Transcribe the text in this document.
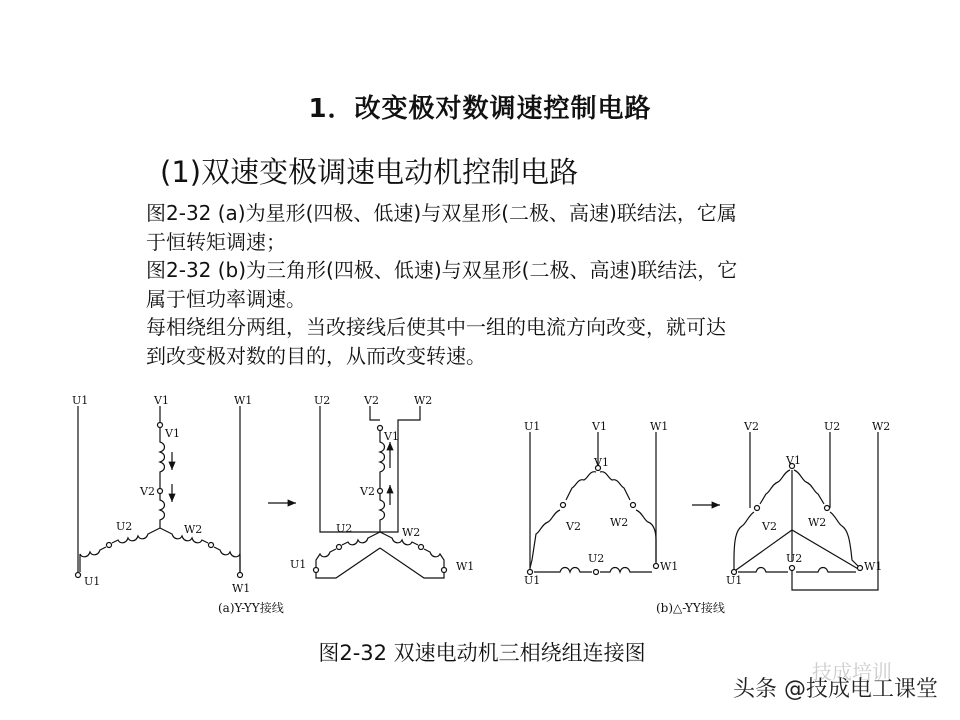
1．改变极对数调速控制电路
(1)双速变极调速电动机控制电路
图2-32 (a)为星形(四极、低速)与双星形(二极、高速)联结法，它属
于恒转矩调速；
图2-32 (b)为三角形(四极、低速)与双星形(二极、高速)联结法，它
属于恒功率调速。
每相绕组分两组，当改接线后使其中一组的电流方向改变，就可达
到改变极对数的目的，从而改变转速。
U1	V1	W1
V1
V2
U2	W2
U1
W1
U2	V2	W2
V1
V2
U2	W2
U1	W1
(a)Y-YY接线
U1	V1	W1
V1
V2	W2
U2
U1
W1
V2	U2	W2
V1
V2	W2
U2
U1
W1
(b)△-YY接线
图2-32 双速电动机三相绕组连接图
技成培训
头条 @技成电工课堂
